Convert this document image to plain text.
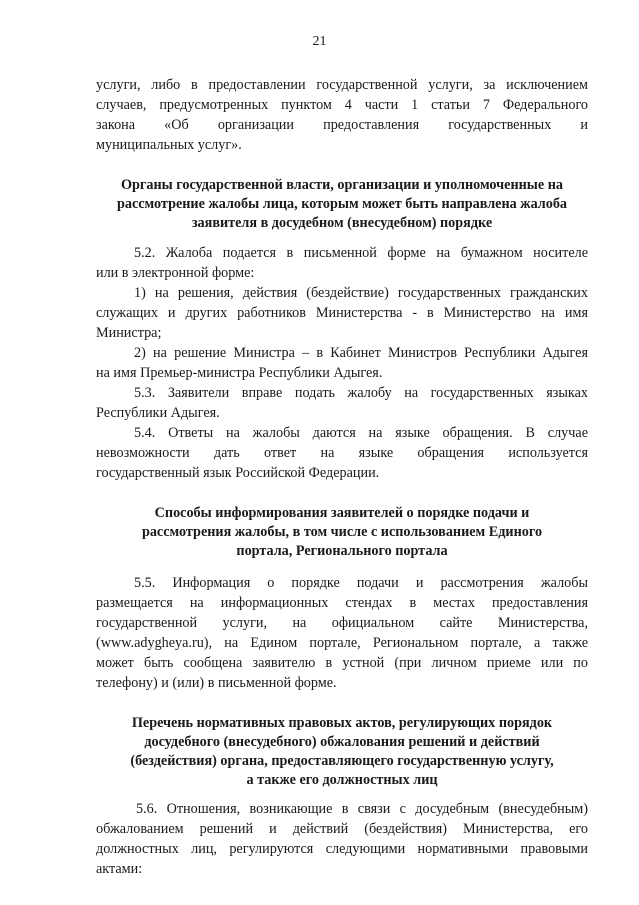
21
услуги, либо в предоставлении государственной услуги, за исключением
случаев, предусмотренных пунктом 4 части 1 статьи 7 Федерального
закона «Об организации предоставления государственных и
муниципальных услуг».
Органы государственной власти, организации и уполномоченные на
рассмотрение жалобы лица, которым может быть направлена жалоба
заявителя в досудебном (внесудебном) порядке
5.2. Жалоба подается в письменной форме на бумажном носителе
или в электронной форме:
1) на решения, действия (бездействие) государственных гражданских
служащих и других работников Министерства - в Министерство на имя
Министра;
2) на решение Министра – в Кабинет Министров Республики Адыгея
на имя Премьер-министра Республики Адыгея.
5.3. Заявители вправе подать жалобу на государственных языках
Республики Адыгея.
5.4. Ответы на жалобы даются на языке обращения. В случае
невозможности дать ответ на языке обращения используется
государственный язык Российской Федерации.
Способы информирования заявителей о порядке подачи и
рассмотрения жалобы, в том числе с использованием Единого
портала, Регионального портала
5.5. Информация о порядке подачи и рассмотрения жалобы
размещается на информационных стендах в местах предоставления
государственной услуги, на официальном сайте Министерства,
(www.adygheya.ru), на Едином портале, Региональном портале, а также
может быть сообщена заявителю в устной (при личном приеме или по
телефону) и (или) в письменной форме.
Перечень нормативных правовых актов, регулирующих порядок
досудебного (внесудебного) обжалования решений и действий
(бездействия) органа, предоставляющего государственную услугу,
а также его должностных лиц
5.6. Отношения, возникающие в связи с досудебным (внесудебным)
обжалованием решений и действий (бездействия) Министерства, его
должностных лиц, регулируются следующими нормативными правовыми
актами:
